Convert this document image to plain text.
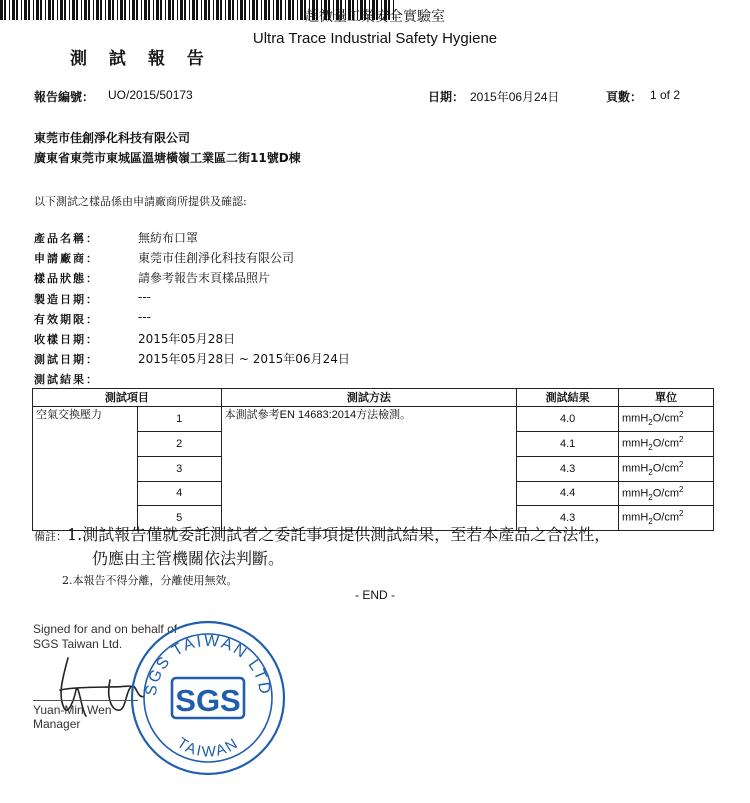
超微量工業安全實驗室
Ultra Trace Industrial Safety Hygiene
測 試 報 告
報告編號： UO/2015/50173	日期： 2015年06月24日	頁數： 1 of 2
東莞市佳創淨化科技有限公司
廣東省東莞市東城區溫塘橫嶺工業區二街11號D棟
以下測試之樣品係由申請廠商所提供及確認:
產品名稱：	無紡布口罩
申請廠商：	東莞市佳創淨化科技有限公司
樣品狀態：	請參考報告末頁樣品照片
製造日期：	---
有效期限：	---
收樣日期：	2015年05月28日
測試日期：	2015年05月28日 ~ 2015年06月24日
測試結果：
測試項目	測試方法	測試結果	單位
空氣交換壓力	1	本測試參考EN 14683:2014方法檢測。	4.0	$mmH_2O/cm^2$
2	4.1	$mmH_2O/cm^2$
3	4.3	$mmH_2O/cm^2$
4	4.4	$mmH_2O/cm^2$
5	4.3	$mmH_2O/cm^2$
備註：1.測試報告僅就委託測試者之委託事項提供測試結果，至若本產品之合法性，
仍應由主管機關依法判斷。
2.本報告不得分離，分離使用無效。
- END -
Signed for and on behalf of
SGS Taiwan Ltd.
Yuan-Min Wen
Manager
SGS TAIWAN LTD
SGS
TAIWAN
